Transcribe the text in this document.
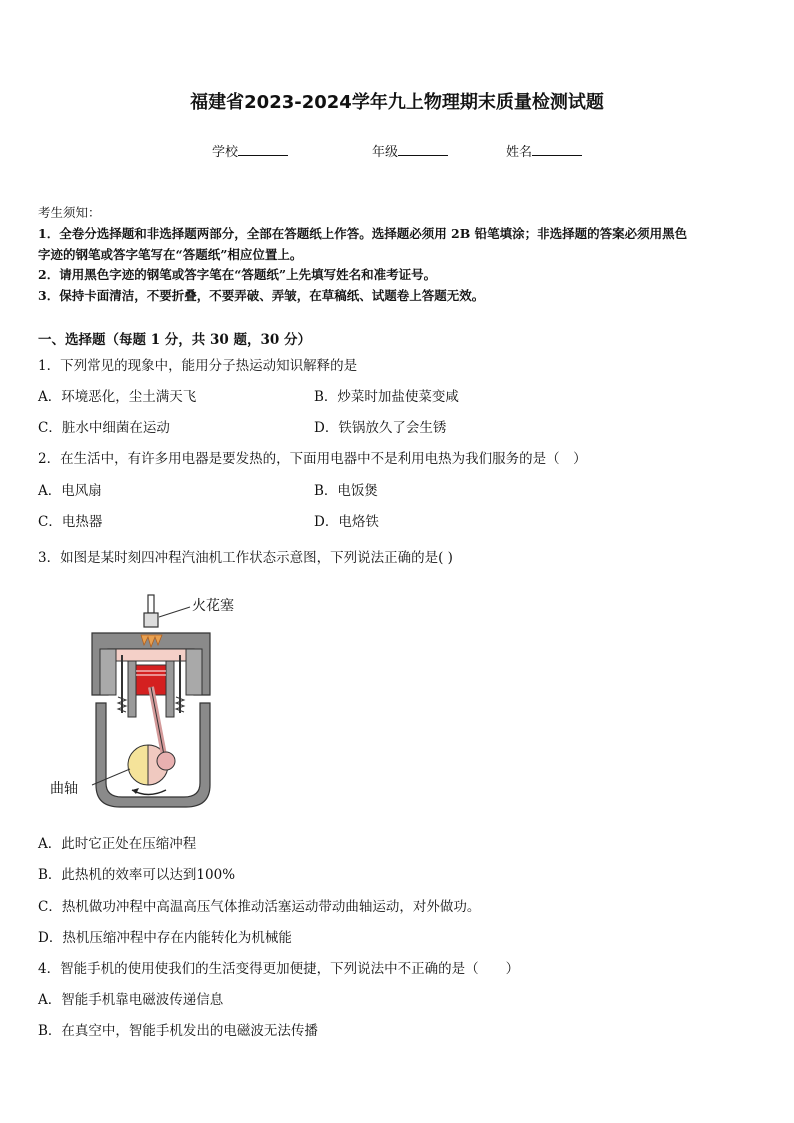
福建省2023-2024学年九上物理期末质量检测试题
学校	年级	姓名
考生须知：
1．全卷分选择题和非选择题两部分，全部在答题纸上作答。选择题必须用 2B 铅笔填涂；非选择题的答案必须用黑色
字迹的钢笔或答字笔写在“答题纸”相应位置上。
2．请用黑色字迹的钢笔或答字笔在“答题纸”上先填写姓名和准考证号。
3．保持卡面清洁，不要折叠，不要弄破、弄皱，在草稿纸、试题卷上答题无效。
一、选择题（每题 1 分，共 30 题，30 分）
1．下列常见的现象中，能用分子热运动知识解释的是
A．环境恶化，尘土满天飞	B．炒菜时加盐使菜变咸
C．脏水中细菌在运动	D．铁锅放久了会生锈
2．在生活中，有许多用电器是要发热的，下面用电器中不是利用电热为我们服务的是（　）
A．电风扇	B．电饭煲
C．电热器	D．电烙铁
3．如图是某时刻四冲程汽油机工作状态示意图，下列说法正确的是( )
火花塞
曲轴
A．此时它正处在压缩冲程
B．此热机的效率可以达到100%
C．热机做功冲程中高温高压气体推动活塞运动带动曲轴运动，对外做功。
D．热机压缩冲程中存在内能转化为机械能
4．智能手机的使用使我们的生活变得更加便捷，下列说法中不正确的是（　　）
A．智能手机靠电磁波传递信息
B．在真空中，智能手机发出的电磁波无法传播
